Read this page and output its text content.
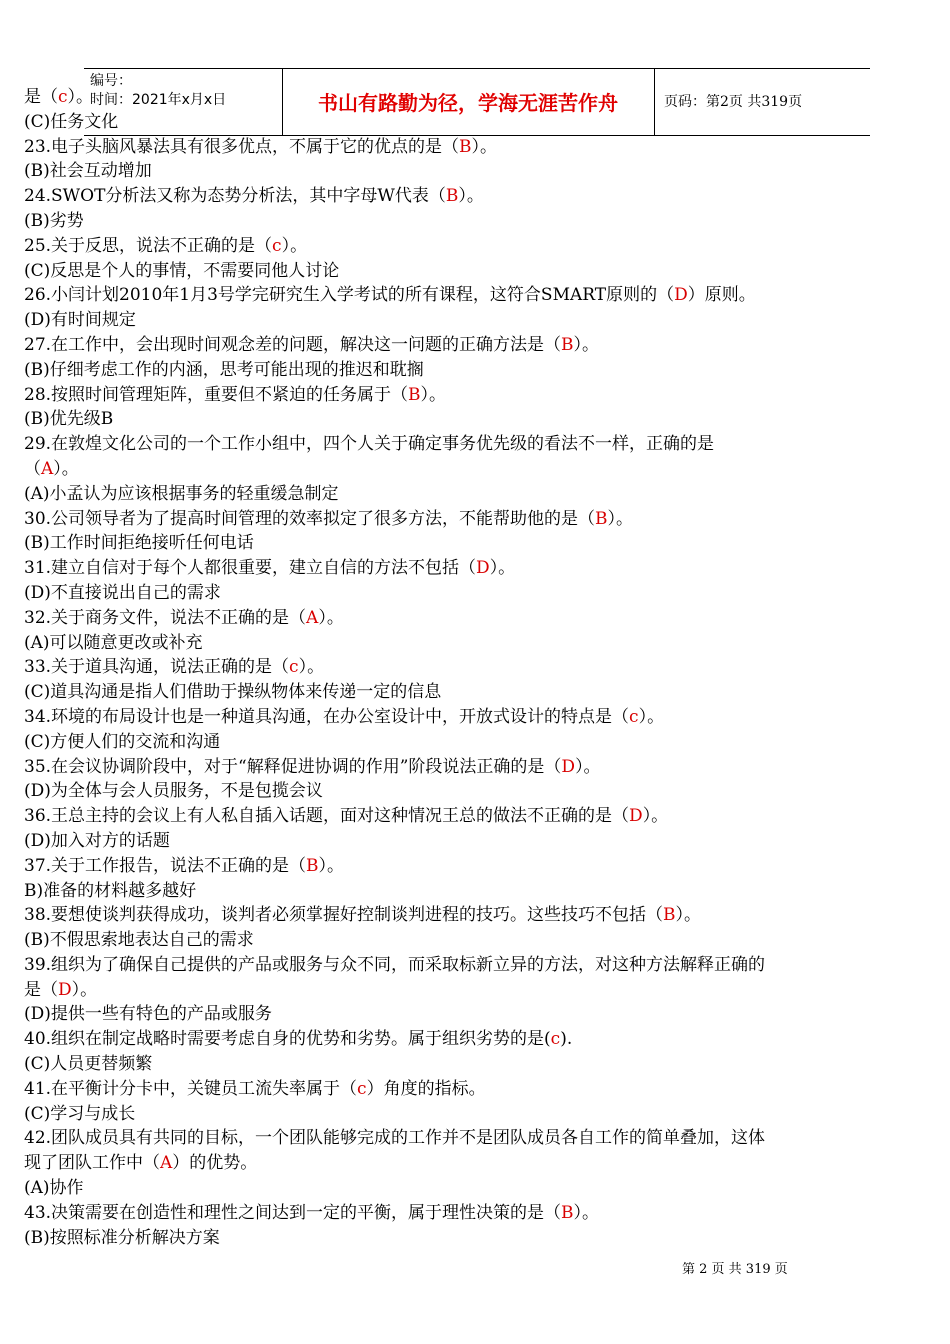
编号：
时间：2021年x月x日	书山有路勤为径，学海无涯苦作舟	页码：第2页 共319页
是（c）。
(C)任务文化
23.电子头脑风暴法具有很多优点，不属于它的优点的是（B）。
(B)社会互动增加
24.SWOT分析法又称为态势分析法，其中字母W代表（B）。
(B)劣势
25.关于反思，说法不正确的是（c）。
(C)反思是个人的事情，不需要同他人讨论
26.小闫计划2010年1月3号学完研究生入学考试的所有课程，这符合SMART原则的（D）原则。
(D)有时间规定
27.在工作中，会出现时间观念差的问题，解决这一问题的正确方法是（B）。
(B)仔细考虑工作的内涵，思考可能出现的推迟和耽搁
28.按照时间管理矩阵，重要但不紧迫的任务属于（B）。
(B)优先级B
29.在敦煌文化公司的一个工作小组中，四个人关于确定事务优先级的看法不一样，正确的是
（A）。
(A)小孟认为应该根据事务的轻重缓急制定
30.公司领导者为了提高时间管理的效率拟定了很多方法，不能帮助他的是（B）。
(B)工作时间拒绝接听任何电话
31.建立自信对于每个人都很重要，建立自信的方法不包括（D）。
(D)不直接说出自己的需求
32.关于商务文件，说法不正确的是（A）。
(A)可以随意更改或补充
33.关于道具沟通，说法正确的是（c）。
(C)道具沟通是指人们借助于操纵物体来传递一定的信息
34.环境的布局设计也是一种道具沟通，在办公室设计中，开放式设计的特点是（c）。
(C)方便人们的交流和沟通
35.在会议协调阶段中，对于“解释促进协调的作用”阶段说法正确的是（D）。
(D)为全体与会人员服务，不是包揽会议
36.王总主持的会议上有人私自插入话题，面对这种情况王总的做法不正确的是（D）。
(D)加入对方的话题
37.关于工作报告，说法不正确的是（B）。
B)准备的材料越多越好
38.要想使谈判获得成功，谈判者必须掌握好控制谈判进程的技巧。这些技巧不包括（B）。
(B)不假思索地表达自己的需求
39.组织为了确保自己提供的产品或服务与众不同，而采取标新立异的方法，对这种方法解释正确的
是（D）。
(D)提供一些有特色的产品或服务
40.组织在制定战略时需要考虑自身的优势和劣势。属于组织劣势的是(c).
(C)人员更替频繁
41.在平衡计分卡中，关键员工流失率属于（c）角度的指标。
(C)学习与成长
42.团队成员具有共同的目标，一个团队能够完成的工作并不是团队成员各自工作的简单叠加，这体
现了团队工作中（A）的优势。
(A)协作
43.决策需要在创造性和理性之间达到一定的平衡，属于理性决策的是（B）。
(B)按照标准分析解决方案
第 2 页 共 319 页
